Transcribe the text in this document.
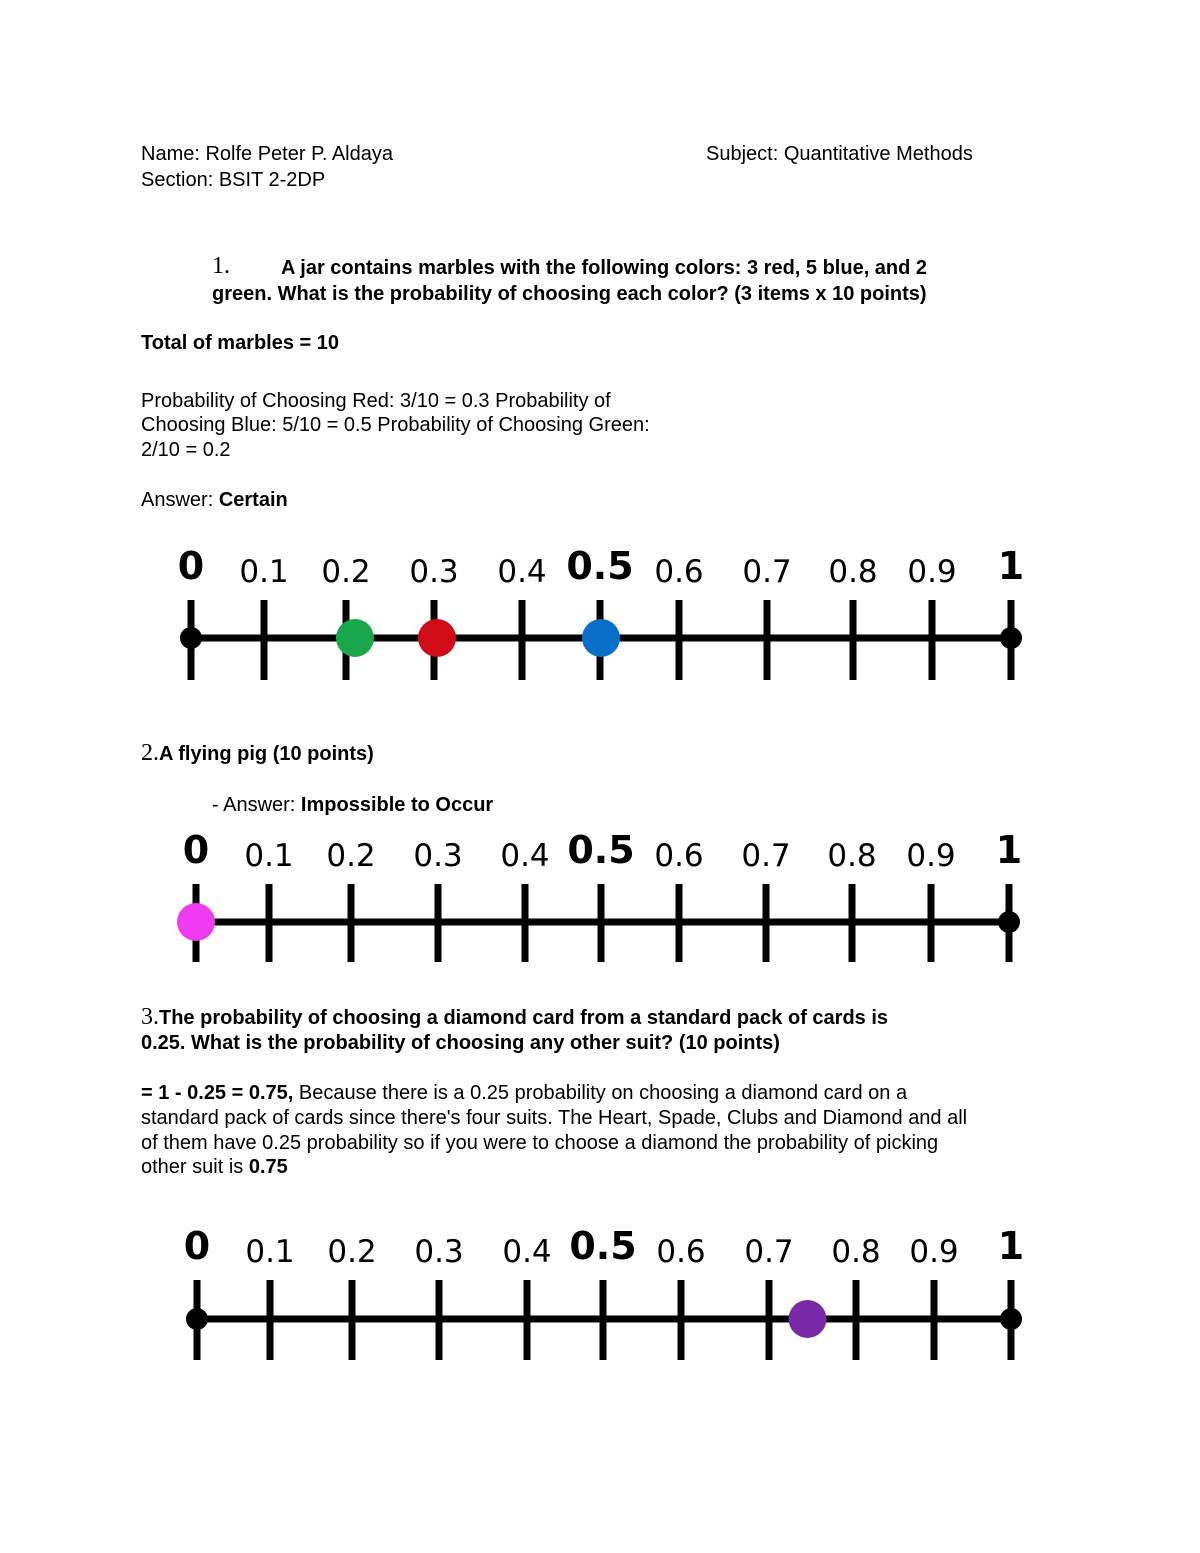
Name: Rolfe Peter P. Aldaya
Section: BSIT 2-2DP
Subject: Quantitative Methods
1.	A jar contains marbles with the following colors: 3 red, 5 blue, and 2
green. What is the probability of choosing each color? (3 items x 10 points)
Total of marbles = 10
Probability of Choosing Red: 3/10 = 0.3 Probability of
Choosing Blue: 5/10 = 0.5 Probability of Choosing Green:
2/10 = 0.2
Answer: Certain
0 0.1 0.2 0.3 0.4 0.5 0.6 0.7 0.8 0.9 1
2.A flying pig (10 points)
- Answer: Impossible to Occur
0 0.1 0.2 0.3 0.4 0.5 0.6 0.7 0.8 0.9 1
3.The probability of choosing a diamond card from a standard pack of cards is
0.25. What is the probability of choosing any other suit? (10 points)
= 1 - 0.25 = 0.75, Because there is a 0.25 probability on choosing a diamond card on a
standard pack of cards since there's four suits. The Heart, Spade, Clubs and Diamond and all
of them have 0.25 probability so if you were to choose a diamond the probability of picking
other suit is 0.75
0 0.1 0.2 0.3 0.4 0.5 0.6 0.7 0.8 0.9 1
